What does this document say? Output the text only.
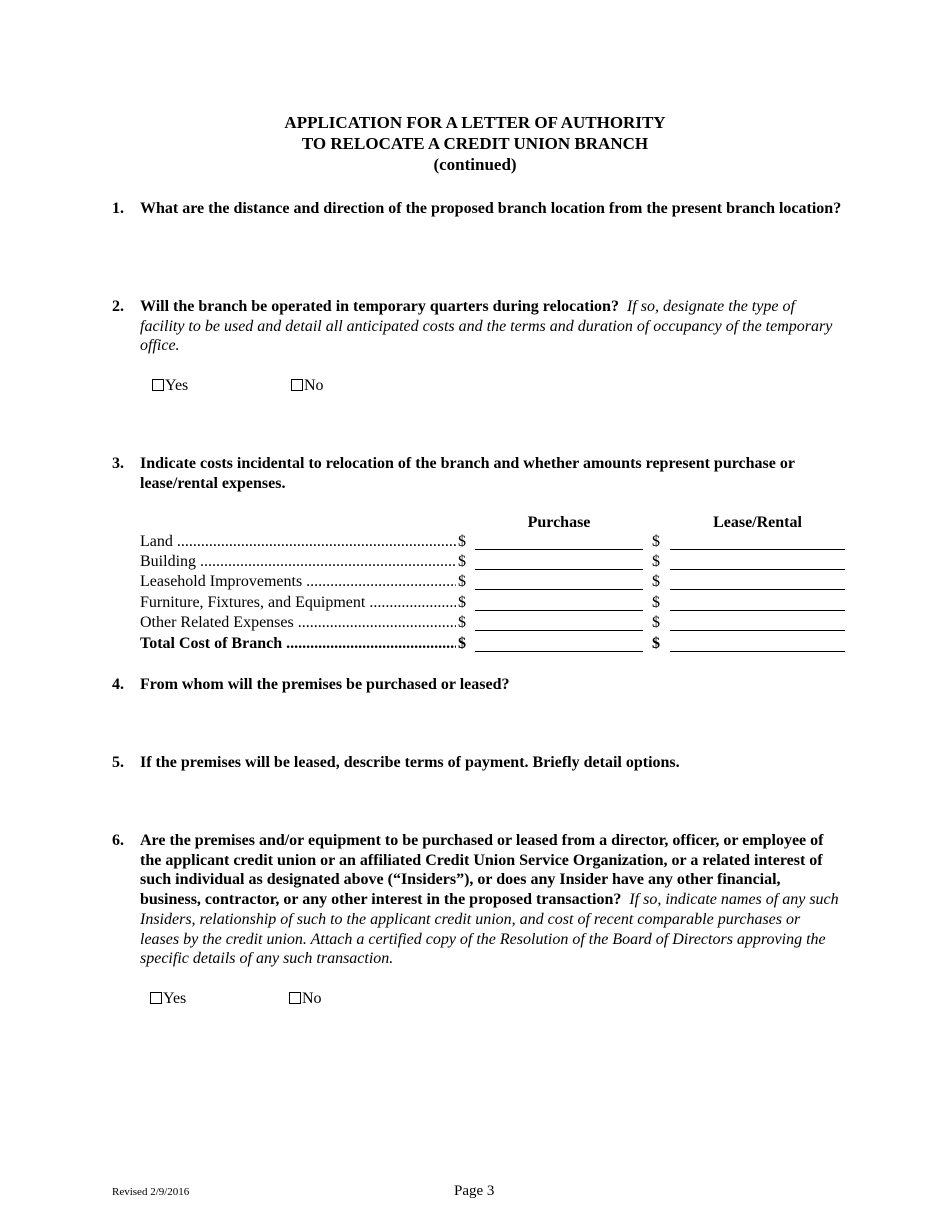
APPLICATION FOR A LETTER OF AUTHORITY
TO RELOCATE A CREDIT UNION BRANCH
(continued)
1. What are the distance and direction of the proposed branch location from the present branch location?
2. Will the branch be operated in temporary quarters during relocation? If so, designate the type of facility to be used and detail all anticipated costs and the terms and duration of occupancy of the temporary office.
Yes	No
3. Indicate costs incidental to relocation of the branch and whether amounts represent purchase or lease/rental expenses.
Purchase	Lease/Rental
Land .....	$	$
Building .....	$	$
Leasehold Improvements .....	$	$
Furniture, Fixtures, and Equipment .....	$	$
Other Related Expenses .....	$	$
Total Cost of Branch .....	$	$
4. From whom will the premises be purchased or leased?
5. If the premises will be leased, describe terms of payment. Briefly detail options.
6. Are the premises and/or equipment to be purchased or leased from a director, officer, or employee of the applicant credit union or an affiliated Credit Union Service Organization, or a related interest of such individual as designated above (“Insiders”), or does any Insider have any other financial, business, contractor, or any other interest in the proposed transaction? If so, indicate names of any such Insiders, relationship of such to the applicant credit union, and cost of recent comparable purchases or leases by the credit union. Attach a certified copy of the Resolution of the Board of Directors approving the specific details of any such transaction.
Yes	No
Revised 2/9/2016	Page 3
